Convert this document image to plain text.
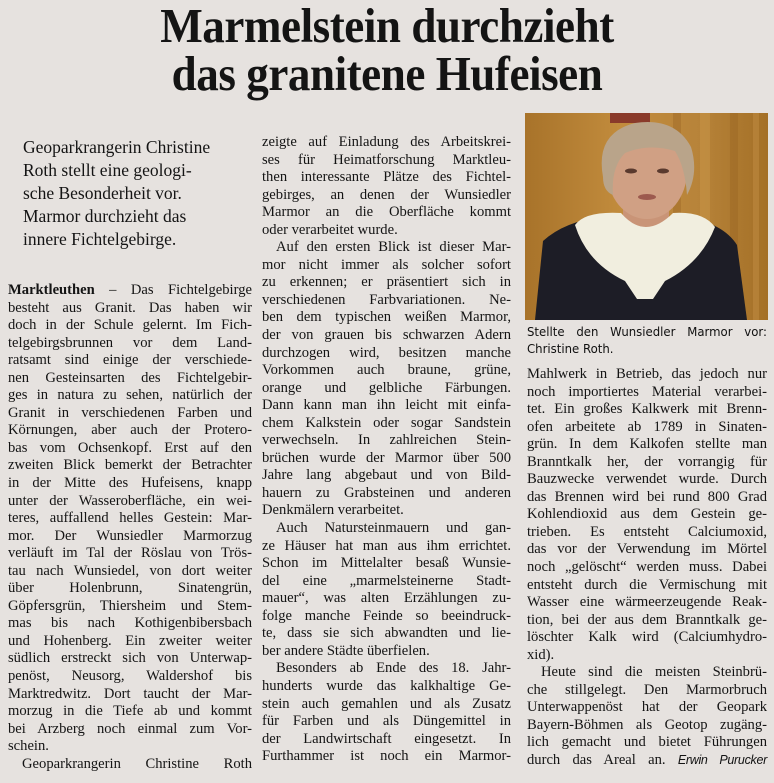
Marmelstein durchzieht
das granitene Hufeisen

Geoparkrangerin Christine
Roth stellt eine geologi-
sche Besonderheit vor.
Marmor durchzieht das
innere Fichtelgebirge.

Marktleuthen – Das Fichtelgebirge
besteht aus Granit. Das haben wir
doch in der Schule gelernt. Im Fich-
telgebirgsbrunnen vor dem Land-
ratsamt sind einige der verschiede-
nen Gesteinsarten des Fichtelgebir-
ges in natura zu sehen, natürlich der
Granit in verschiedenen Farben und
Körnungen, aber auch der Protero-
bas vom Ochsenkopf. Erst auf den
zweiten Blick bemerkt der Betrachter
in der Mitte des Hufeisens, knapp
unter der Wasseroberfläche, ein wei-
teres, auffallend helles Gestein: Mar-
mor. Der Wunsiedler Marmorzug
verläuft im Tal der Röslau von Trös-
tau nach Wunsiedel, von dort weiter
über Holenbrunn, Sinatengrün,
Göpfersgrün, Thiersheim und Stem-
mas bis nach Kothigenbibersbach
und Hohenberg. Ein zweiter weiter
südlich erstreckt sich von Unterwap-
penöst, Neusorg, Waldershof bis
Marktredwitz. Dort taucht der Mar-
morzug in die Tiefe ab und kommt
bei Arzberg noch einmal zum Vor-
schein.
Geoparkrangerin Christine Roth
zeigte auf Einladung des Arbeitskrei-
ses für Heimatforschung Marktleu-
then interessante Plätze des Fichtel-
gebirges, an denen der Wunsiedler
Marmor an die Oberfläche kommt
oder verarbeitet wurde.
Auf den ersten Blick ist dieser Mar-
mor nicht immer als solcher sofort
zu erkennen; er präsentiert sich in
verschiedenen Farbvariationen. Ne-
ben dem typischen weißen Marmor,
der von grauen bis schwarzen Adern
durchzogen wird, besitzen manche
Vorkommen auch braune, grüne,
orange und gelbliche Färbungen.
Dann kann man ihn leicht mit einfa-
chem Kalkstein oder sogar Sandstein
verwechseln. In zahlreichen Stein-
brüchen wurde der Marmor über 500
Jahre lang abgebaut und von Bild-
hauern zu Grabsteinen und anderen
Denkmälern verarbeitet.
Auch Natursteinmauern und gan-
ze Häuser hat man aus ihm errichtet.
Schon im Mittelalter besaß Wunsie-
del eine „marmelsteinerne Stadt-
mauer“, was alten Erzählungen zu-
folge manche Feinde so beeindruck-
te, dass sie sich abwandten und lie-
ber andere Städte überfielen.
Besonders ab Ende des 18. Jahr-
hunderts wurde das kalkhaltige Ge-
stein auch gemahlen und als Zusatz
für Farben und als Düngemittel in
der Landwirtschaft eingesetzt. In
Furthammer ist noch ein Marmor-
Stellte den Wunsiedler Marmor vor:
Christine Roth.
Mahlwerk in Betrieb, das jedoch nur
noch importiertes Material verarbei-
tet. Ein großes Kalkwerk mit Brenn-
ofen arbeitete ab 1789 in Sinaten-
grün. In dem Kalkofen stellte man
Branntkalk her, der vorrangig für
Bauzwecke verwendet wurde. Durch
das Brennen wird bei rund 800 Grad
Kohlendioxid aus dem Gestein ge-
trieben. Es entsteht Calciumoxid,
das vor der Verwendung im Mörtel
noch „gelöscht“ werden muss. Dabei
entsteht durch die Vermischung mit
Wasser eine wärmeerzeugende Reak-
tion, bei der aus dem Branntkalk ge-
löschter Kalk wird (Calciumhydro-
xid).
Heute sind die meisten Steinbrü-
che stillgelegt. Den Marmorbruch
Unterwappenöst hat der Geopark
Bayern-Böhmen als Geotop zugäng-
lich gemacht und bietet Führungen
durch das Areal an. Erwin Purucker
